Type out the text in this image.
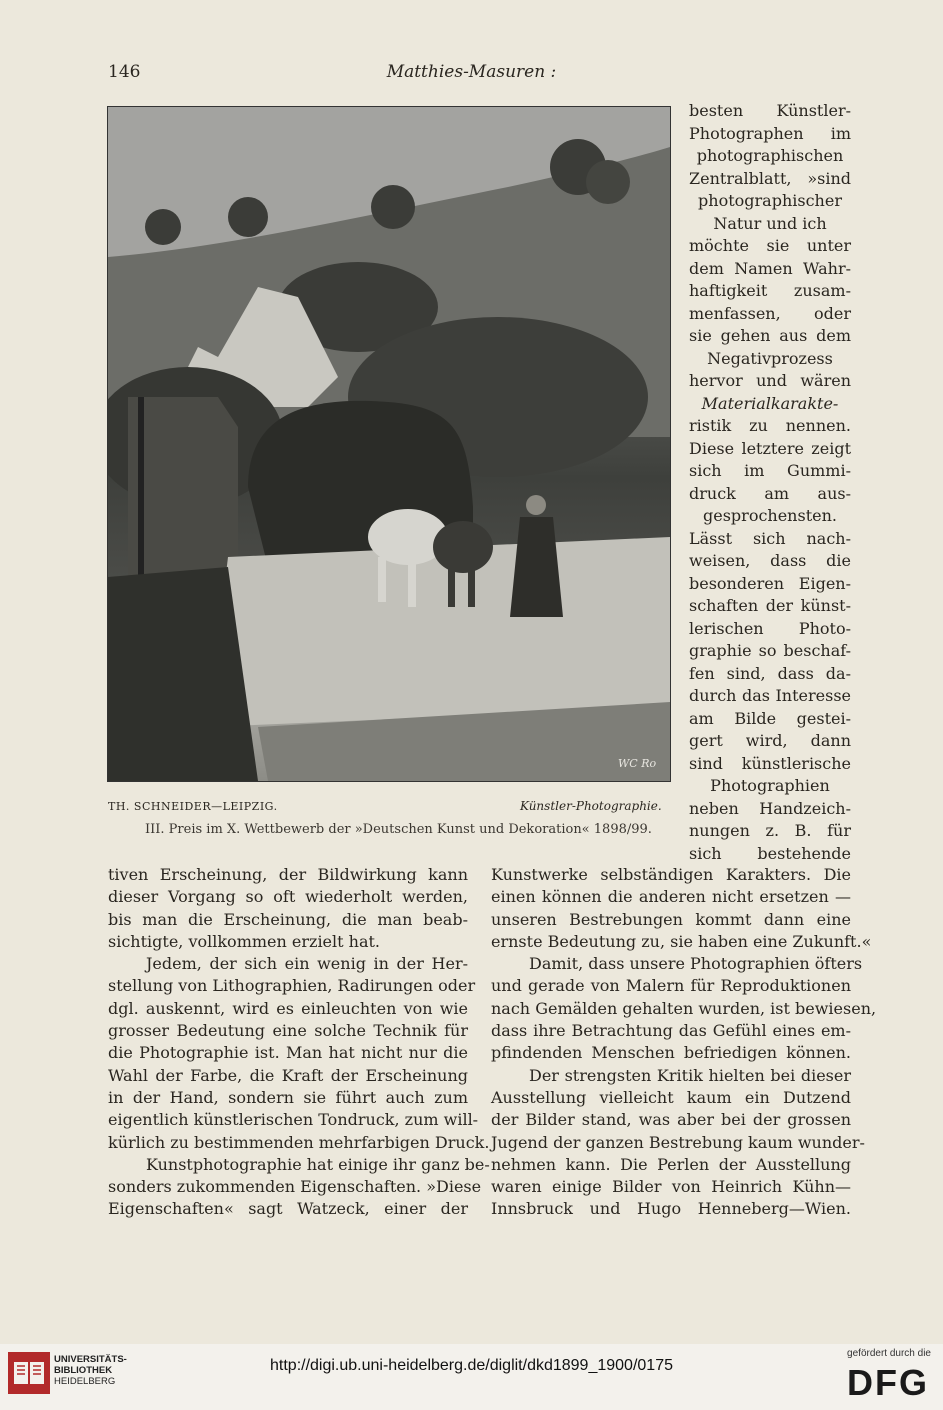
146	Matthies-Masuren :
WC Ro
TH. SCHNEIDER—LEIPZIG.	Künstler-Photographie.
III. Preis im X. Wettbewerb der »Deutschen Kunst und Dekoration« 1898/99.
besten Künstler-
Photographen im
photographischen
Zentralblatt, »sind
photographischer
Natur und ich
möchte sie unter
dem Namen Wahr-
haftigkeit zusam-
menfassen, oder
sie gehen aus dem
Negativprozess
hervor und wären
Materialkarakte-
ristik zu nennen.
Diese letztere zeigt
sich im Gummi-
druck am aus-
gesprochensten.
Lässt sich nach-
weisen, dass die
besonderen Eigen-
schaften der künst-
lerischen Photo-
graphie so beschaf-
fen sind, dass da-
durch das Interesse
am Bilde gestei-
gert wird, dann
sind künstlerische
Photographien
neben Handzeich-
nungen z. B. für
sich bestehende
tiven Erscheinung, der Bildwirkung kann
dieser Vorgang so oft wiederholt werden,
bis man die Erscheinung, die man beab-
sichtigte, vollkommen erzielt hat.
Jedem, der sich ein wenig in der Her-
stellung von Lithographien, Radirungen oder
dgl. auskennt, wird es einleuchten von wie
grosser Bedeutung eine solche Technik für
die Photographie ist. Man hat nicht nur die
Wahl der Farbe, die Kraft der Erscheinung
in der Hand, sondern sie führt auch zum
eigentlich künstlerischen Tondruck, zum will-
kürlich zu bestimmenden mehrfarbigen Druck.
Kunstphotographie hat einige ihr ganz be-
sonders zukommenden Eigenschaften. »Diese
Eigenschaften« sagt Watzeck, einer der
Kunstwerke selbständigen Karakters. Die
einen können die anderen nicht ersetzen —
unseren Bestrebungen kommt dann eine
ernste Bedeutung zu, sie haben eine Zukunft.«
Damit, dass unsere Photographien öfters
und gerade von Malern für Reproduktionen
nach Gemälden gehalten wurden, ist bewiesen,
dass ihre Betrachtung das Gefühl eines em-
pfindenden Menschen befriedigen können.
Der strengsten Kritik hielten bei dieser
Ausstellung vielleicht kaum ein Dutzend
der Bilder stand, was aber bei der grossen
Jugend der ganzen Bestrebung kaum wunder-
nehmen kann. Die Perlen der Ausstellung
waren einige Bilder von Heinrich Kühn—
Innsbruck und Hugo Henneberg—Wien.
UNIVERSITÄTS-
BIBLIOTHEK
HEIDELBERG
http://digi.ub.uni-heidelberg.de/diglit/dkd1899_1900/0175
gefördert durch die
DFG
